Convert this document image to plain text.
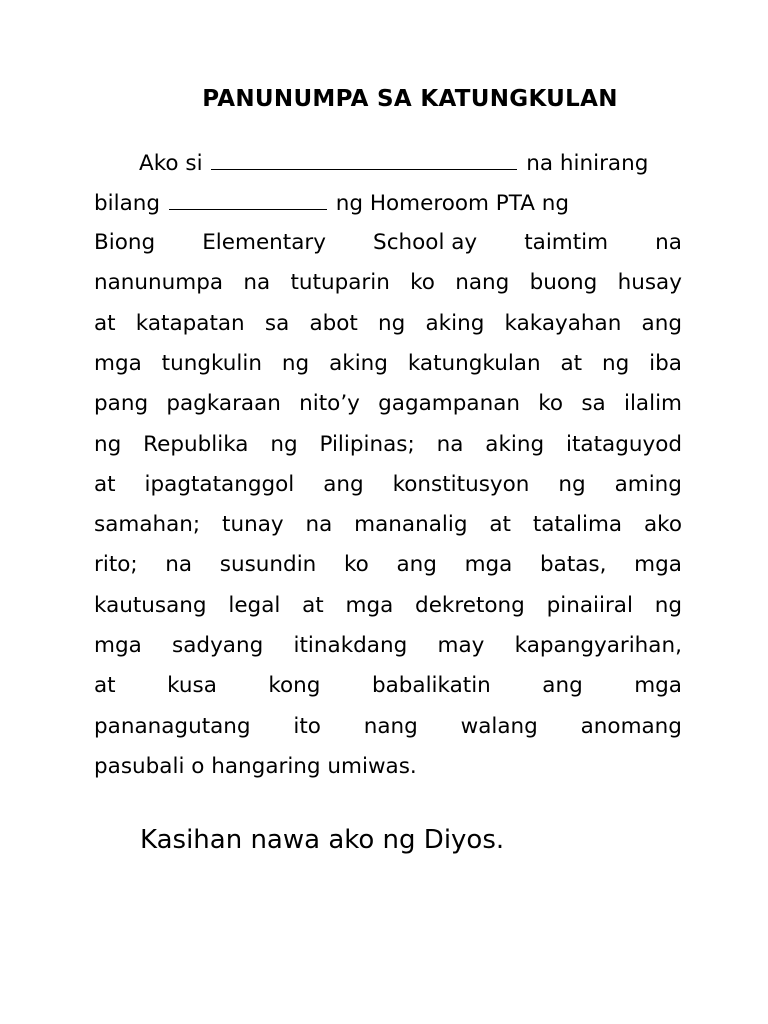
PANUNUMPA SA KATUNGKULAN
Ako si	na hinirang
bilang	ng Homeroom PTA ng
Biong Elementary School ay taimtim na
nanunumpa na tutuparin ko nang buong husay
at katapatan sa abot ng aking kakayahan ang
mga tungkulin ng aking katungkulan at ng iba
pang pagkaraan nito’y gagampanan ko sa ilalim
ng Republika ng Pilipinas; na aking itataguyod
at ipagtatanggol ang konstitusyon ng aming
samahan; tunay na mananalig at tatalima ako
rito; na susundin ko ang mga batas, mga
kautusang legal at mga dekretong pinaiiral ng
mga sadyang itinakdang may kapangyarihan,
at kusa kong babalikatin ang mga
pananagutang ito nang walang anomang
pasubali o hangaring umiwas.
Kasihan nawa ako ng Diyos.
